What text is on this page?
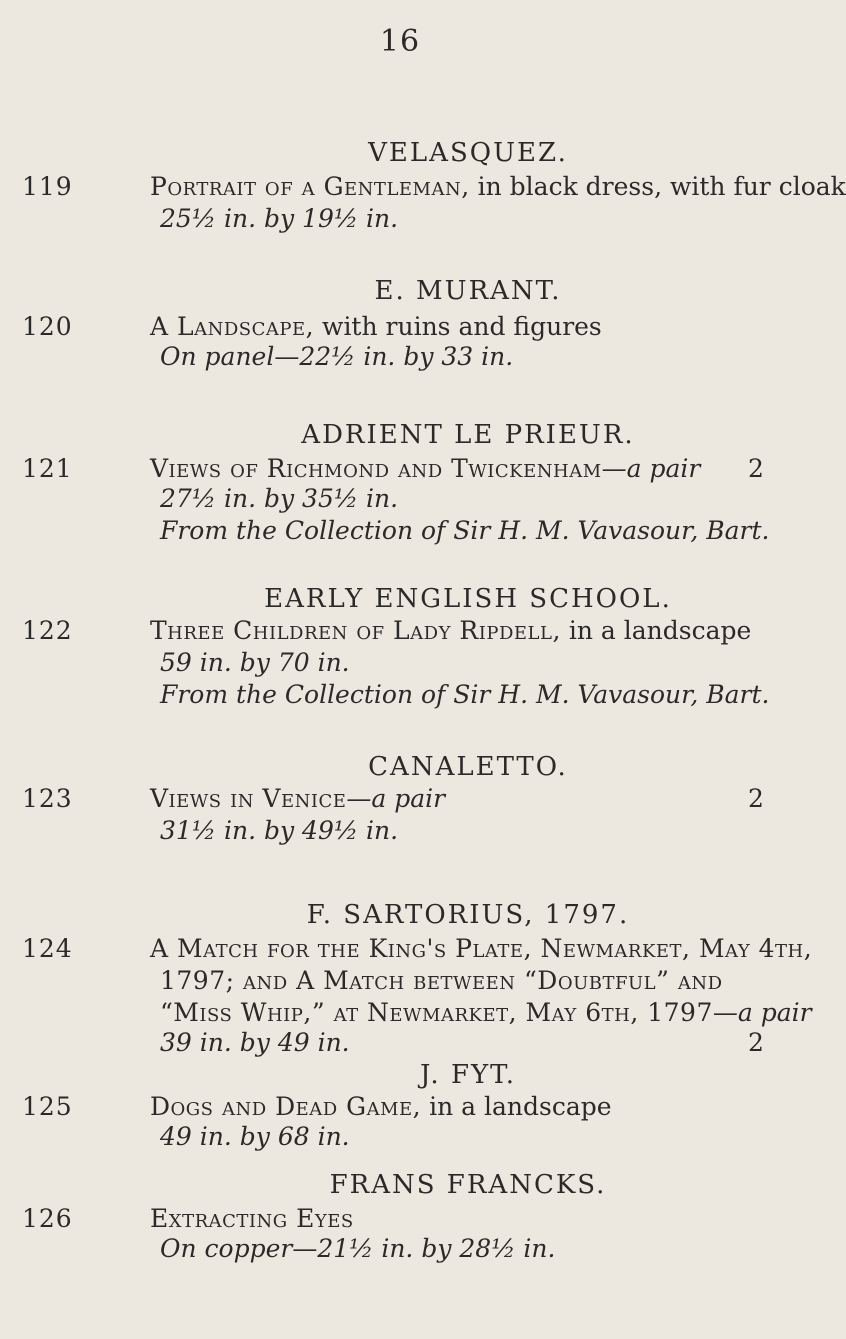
16
VELASQUEZ.
119	Portrait of a Gentleman, in black dress, with fur cloak
25½ in. by 19½ in.
E. MURANT.
120	A Landscape, with ruins and figures
On panel—22½ in. by 33 in.
ADRIENT LE PRIEUR.
121	Views of Richmond and Twickenham—a pair 2
27½ in. by 35½ in.
From the Collection of Sir H. M. Vavasour, Bart.
EARLY ENGLISH SCHOOL.
122	Three Children of Lady Ripdell, in a landscape
59 in. by 70 in.
From the Collection of Sir H. M. Vavasour, Bart.
CANALETTO.
123	Views in Venice—a pair	2
31½ in. by 49½ in.
F. SARTORIUS, 1797.
124	A Match for the King's Plate, Newmarket, May 4th,
1797; and A Match between “Doubtful” and
“Miss Whip,” at Newmarket, May 6th, 1797—a pair
39 in. by 49 in.	2
J. FYT.
125	Dogs and Dead Game, in a landscape
49 in. by 68 in.
FRANS FRANCKS.
126	Extracting Eyes
On copper—21½ in. by 28½ in.
